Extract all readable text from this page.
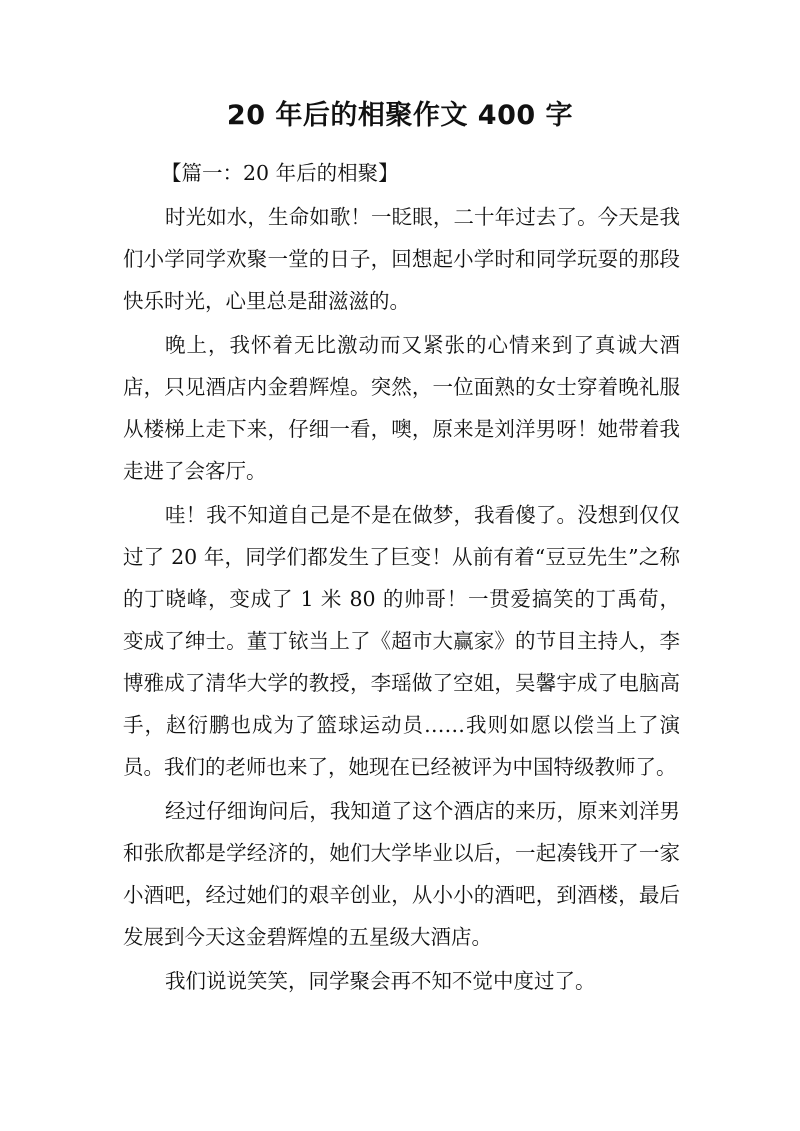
20 年后的相聚作文 400 字
【篇一：20 年后的相聚】

时光如水，生命如歌！一眨眼，二十年过去了。今天是我们小学同学欢聚一堂的日子，回想起小学时和同学玩耍的那段快乐时光，心里总是甜滋滋的。

晚上，我怀着无比激动而又紧张的心情来到了真诚大酒店，只见酒店内金碧辉煌。突然，一位面熟的女士穿着晚礼服从楼梯上走下来，仔细一看，噢，原来是刘洋男呀！她带着我走进了会客厅。

哇！我不知道自己是不是在做梦，我看傻了。没想到仅仅过了 20 年，同学们都发生了巨变！从前有着“豆豆先生”之称的丁晓峰，变成了 1 米 80 的帅哥！一贯爱搞笑的丁禹荀，变成了绅士。董丁铱当上了《超市大赢家》的节目主持人，李博雅成了清华大学的教授，李瑶做了空姐，吴馨宇成了电脑高手，赵衍鹏也成为了篮球运动员……我则如愿以偿当上了演员。我们的老师也来了，她现在已经被评为中国特级教师了。

经过仔细询问后，我知道了这个酒店的来历，原来刘洋男和张欣都是学经济的，她们大学毕业以后，一起凑钱开了一家小酒吧，经过她们的艰辛创业，从小小的酒吧，到酒楼，最后发展到今天这金碧辉煌的五星级大酒店。

我们说说笑笑，同学聚会再不知不觉中度过了。
